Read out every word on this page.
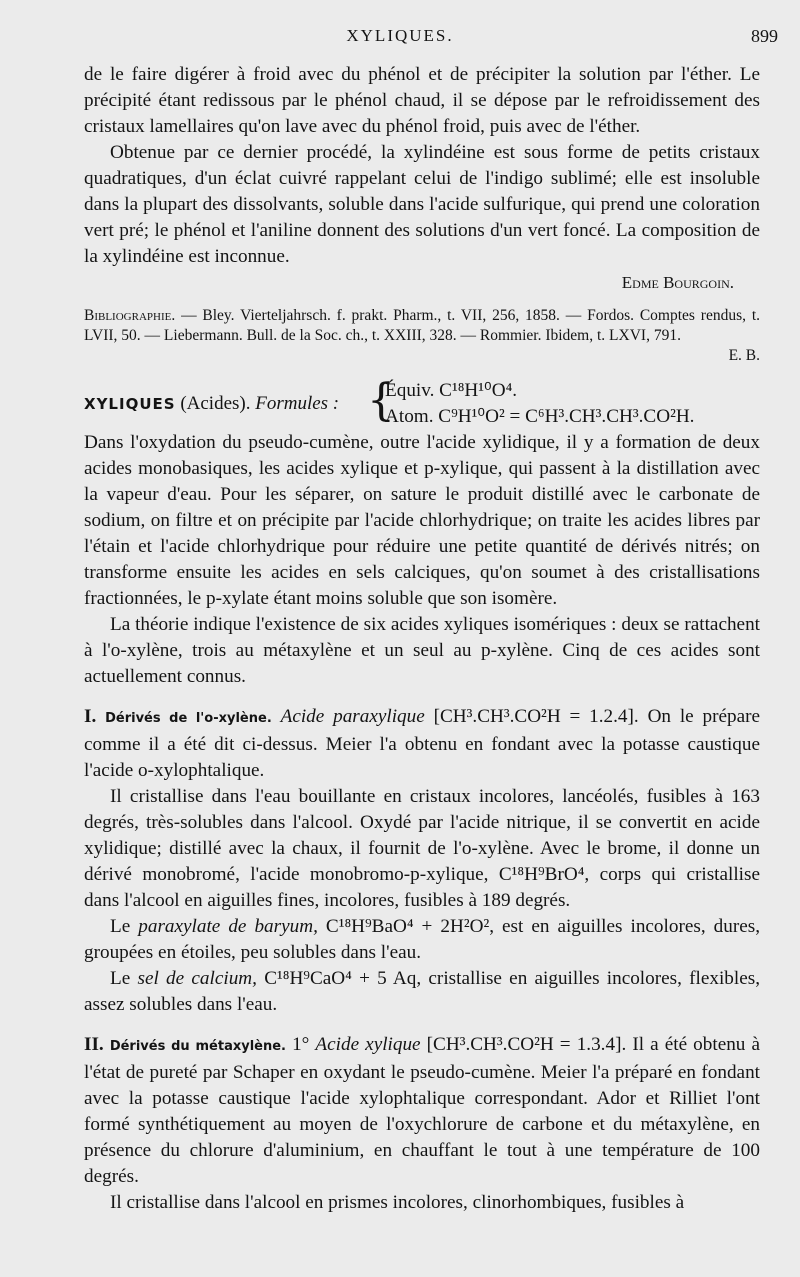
XYLIQUES.	899

de le faire digérer à froid avec du phénol et de précipiter la solution par l'éther. Le précipité étant redissous par le phénol chaud, il se dépose par le refroidissement des cristaux lamellaires qu'on lave avec du phénol froid, puis avec de l'éther.

Obtenue par ce dernier procédé, la xylindéine est sous forme de petits cristaux quadratiques, d'un éclat cuivré rappelant celui de l'indigo sublimé; elle est insoluble dans la plupart des dissolvants, soluble dans l'acide sulfurique, qui prend une coloration vert pré; le phénol et l'aniline donnent des solutions d'un vert foncé. La composition de la xylindéine est inconnue.

Edme Bourgoin.
Bibliographie. — Bley. Vierteljahrsch. f. prakt. Pharm., t. VII, 256, 1858. — Fordos. Comptes rendus, t. LVII, 50. — Liebermann. Bull. de la Soc. ch., t. XXIII, 328. — Rommier. Ibidem, t. LXVI, 791.
E. B.
XYLIQUES (Acides). Formules : {
Équiv. C¹⁸H¹⁰O⁴.
Atom. C⁹H¹⁰O² = C⁶H³.CH³.CH³.CO²H.

Dans l'oxydation du pseudo-cumène, outre l'acide xylidique, il y a formation de deux acides monobasiques, les acides xylique et p-xylique, qui passent à la distillation avec la vapeur d'eau. Pour les séparer, on sature le produit distillé avec le carbonate de sodium, on filtre et on précipite par l'acide chlorhydrique; on traite les acides libres par l'étain et l'acide chlorhydrique pour réduire une petite quantité de dérivés nitrés; on transforme ensuite les acides en sels calciques, qu'on soumet à des cristallisations fractionnées, le p-xylate étant moins soluble que son isomère.

La théorie indique l'existence de six acides xyliques isomériques : deux se rattachent à l'o-xylène, trois au métaxylène et un seul au p-xylène. Cinq de ces acides sont actuellement connus.

I. Dérivés de l'o-xylène. Acide paraxylique [CH³.CH³.CO²H = 1.2.4]. On le prépare comme il a été dit ci-dessus. Meier l'a obtenu en fondant avec la potasse caustique l'acide o-xylophtalique.

Il cristallise dans l'eau bouillante en cristaux incolores, lancéolés, fusibles à 163 degrés, très-solubles dans l'alcool. Oxydé par l'acide nitrique, il se convertit en acide xylidique; distillé avec la chaux, il fournit de l'o-xylène. Avec le brome, il donne un dérivé monobromé, l'acide monobromo-p-xylique, C¹⁸H⁹BrO⁴, corps qui cristallise dans l'alcool en aiguilles fines, incolores, fusibles à 189 degrés.

Le paraxylate de baryum, C¹⁸H⁹BaO⁴ + 2H²O², est en aiguilles incolores, dures, groupées en étoiles, peu solubles dans l'eau.

Le sel de calcium, C¹⁸H⁹CaO⁴ + 5 Aq, cristallise en aiguilles incolores, flexibles, assez solubles dans l'eau.

II. Dérivés du métaxylène. 1° Acide xylique [CH³.CH³.CO²H = 1.3.4]. Il a été obtenu à l'état de pureté par Schaper en oxydant le pseudo-cumène. Meier l'a préparé en fondant avec la potasse caustique l'acide xylophtalique correspondant. Ador et Rilliet l'ont formé synthétiquement au moyen de l'oxychlorure de carbone et du métaxylène, en présence du chlorure d'aluminium, en chauffant le tout à une température de 100 degrés.

Il cristallise dans l'alcool en prismes incolores, clinorhombiques, fusibles à
